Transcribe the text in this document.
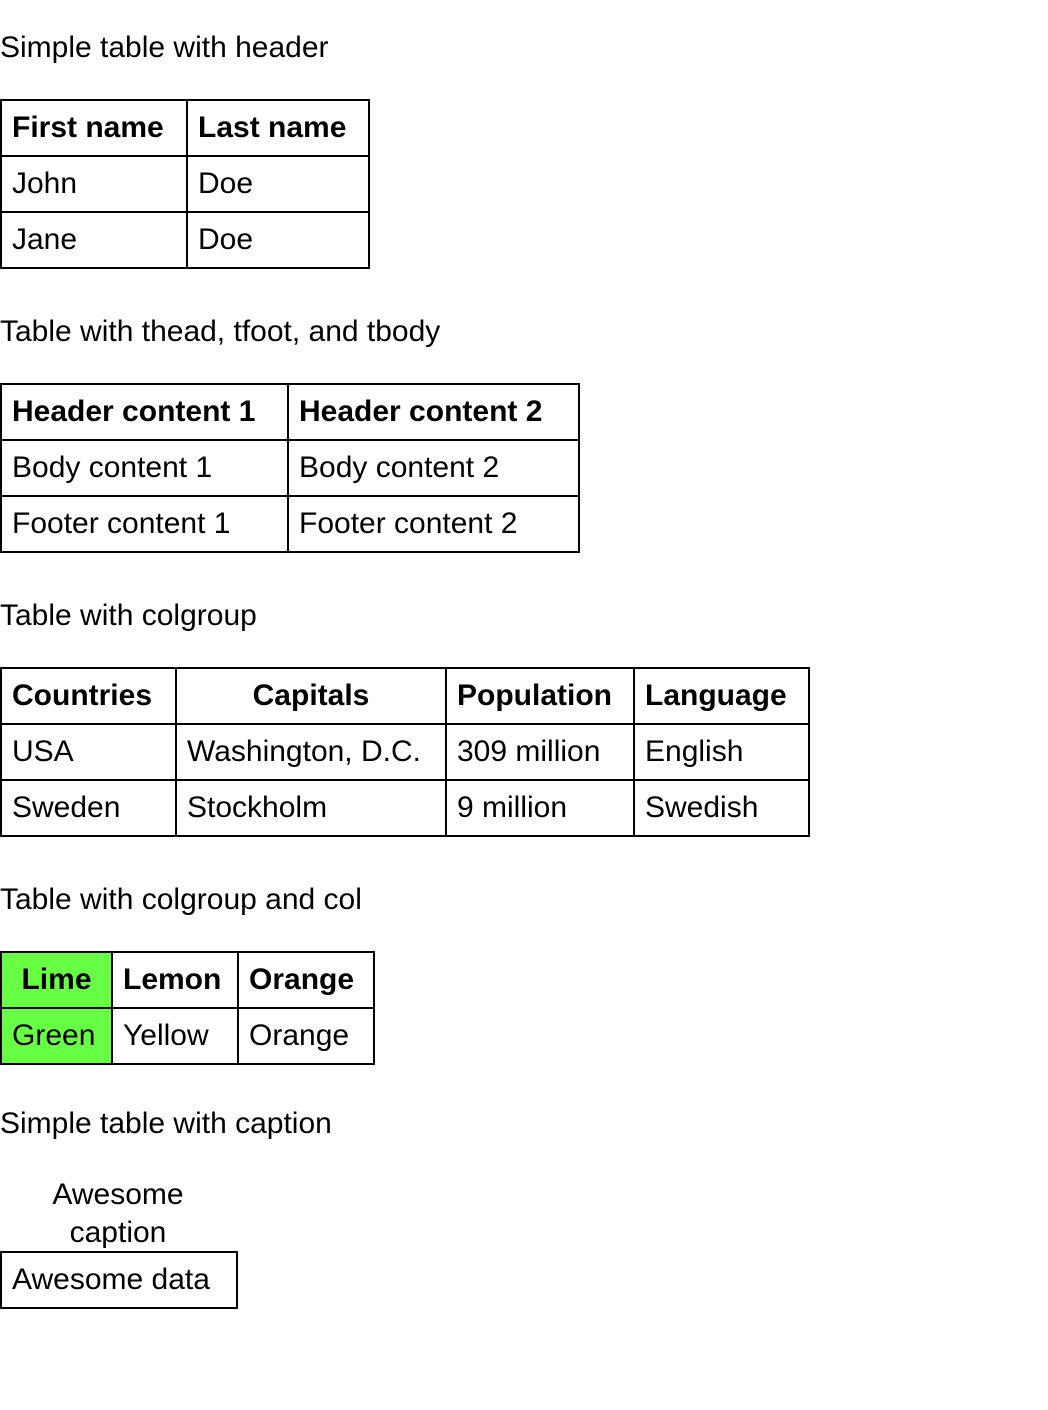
Simple table with header
First name	Last name
John	Doe
Jane	Doe
Table with thead, tfoot, and tbody
Header content 1	Header content 2
Body content 1	Body content 2
Footer content 1	Footer content 2
Table with colgroup
Countries	Capitals	Population	Language
USA	Washington, D.C.	309 million	English
Sweden	Stockholm	9 million	Swedish
Table with colgroup and col
Lime	Lemon	Orange
Green	Yellow	Orange
Simple table with caption
Awesome caption
Awesome data
